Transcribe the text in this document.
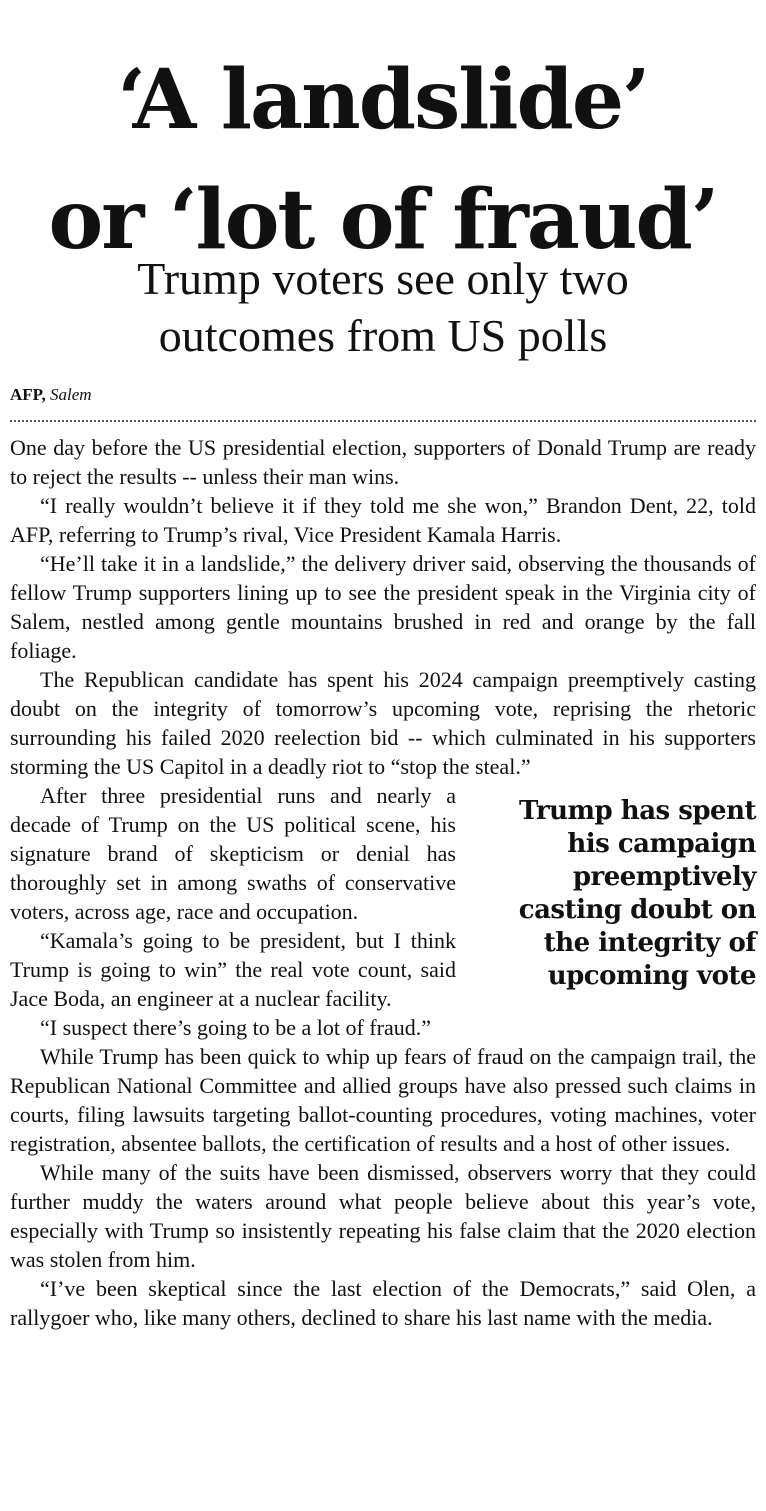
‘A landslide’
or ‘lot of fraud’
Trump voters see only two
outcomes from US polls
AFP, Salem

One day before the US presidential election, supporters of Donald Trump are ready to reject the results -- unless their man wins.

“I really wouldn’t believe it if they told me she won,” Brandon Dent, 22, told AFP, referring to Trump’s rival, Vice President Kamala Harris.

“He’ll take it in a landslide,” the delivery driver said, observing the thousands of fellow Trump supporters lining up to see the president speak in the Virginia city of Salem, nestled among gentle mountains brushed in red and orange by the fall foliage.

The Republican candidate has spent his 2024 campaign preemptively casting doubt on the integrity of tomorrow’s upcoming vote, reprising the rhetoric surrounding his failed 2020 reelection bid -- which culminated in his supporters storming the US Capitol in a deadly riot to “stop the steal.”

Trump has spent his campaign preemptively casting doubt on the integrity of upcoming vote

After three presidential runs and nearly a decade of Trump on the US political scene, his signature brand of skepticism or denial has thoroughly set in among swaths of conservative voters, across age, race and occupation.

“Kamala’s going to be president, but I think Trump is going to win” the real vote count, said Jace Boda, an engineer at a nuclear facility.

“I suspect there’s going to be a lot of fraud.”

While Trump has been quick to whip up fears of fraud on the campaign trail, the Republican National Committee and allied groups have also pressed such claims in courts, filing lawsuits targeting ballot-counting procedures, voting machines, voter registration, absentee ballots, the certification of results and a host of other issues.

While many of the suits have been dismissed, observers worry that they could further muddy the waters around what people believe about this year’s vote, especially with Trump so insistently repeating his false claim that the 2020 election was stolen from him.

“I’ve been skeptical since the last election of the Democrats,” said Olen, a rallygoer who, like many others, declined to share his last name with the media.
